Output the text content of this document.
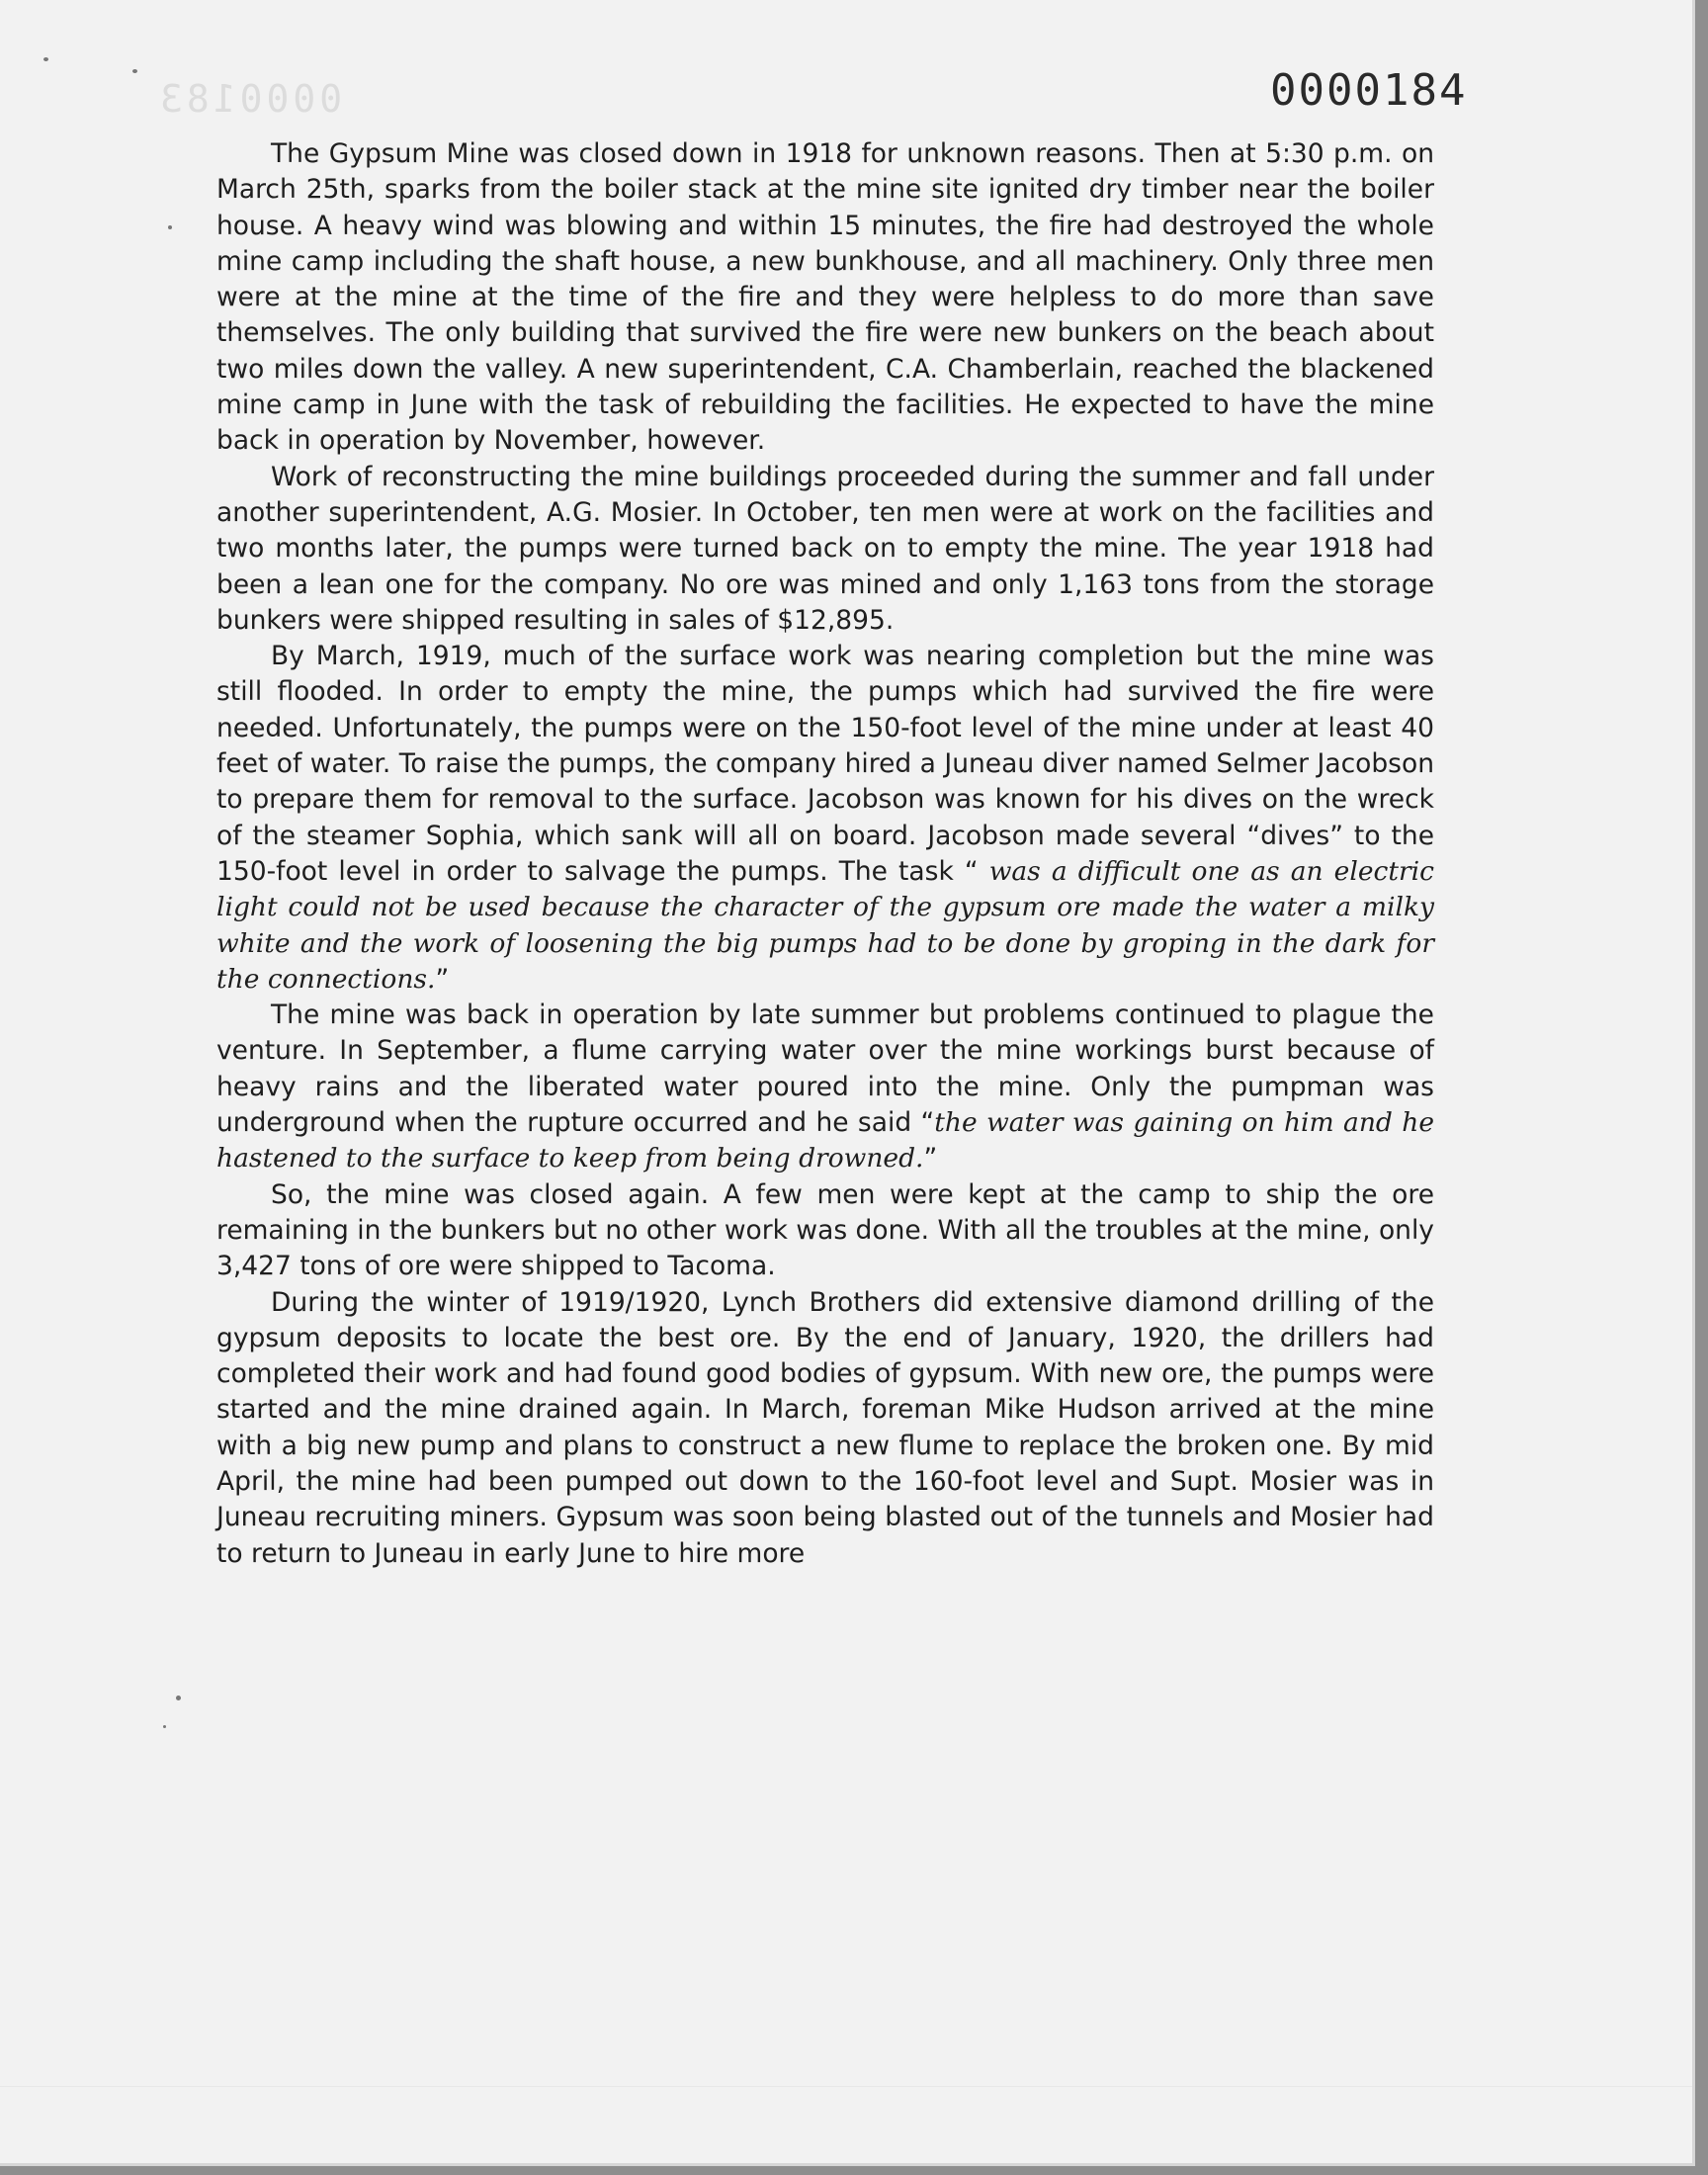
0000183	0000184

The Gypsum Mine was closed down in 1918 for unknown reasons. Then at 5:30 p.m. on March 25th, sparks from the boiler stack at the mine site ignited dry timber near the boiler house. A heavy wind was blowing and within 15 minutes, the fire had destroyed the whole mine camp including the shaft house, a new bunkhouse, and all machinery. Only three men were at the mine at the time of the fire and they were helpless to do more than save themselves. The only building that survived the fire were new bunkers on the beach about two miles down the valley. A new superintendent, C.A. Chamberlain, reached the blackened mine camp in June with the task of rebuilding the facilities. He expected to have the mine back in operation by November, however.

Work of reconstructing the mine buildings proceeded during the summer and fall under another superintendent, A.G. Mosier. In October, ten men were at work on the facilities and two months later, the pumps were turned back on to empty the mine. The year 1918 had been a lean one for the company. No ore was mined and only 1,163 tons from the storage bunkers were shipped resulting in sales of $12,895.

By March, 1919, much of the surface work was nearing completion but the mine was still flooded. In order to empty the mine, the pumps which had survived the fire were needed. Unfortunately, the pumps were on the 150-foot level of the mine under at least 40 feet of water. To raise the pumps, the company hired a Juneau diver named Selmer Jacobson to prepare them for removal to the surface. Jacobson was known for his dives on the wreck of the steamer Sophia, which sank will all on board. Jacobson made several “dives” to the 150-foot level in order to salvage the pumps. The task “ was a difficult one as an electric light could not be used because the character of the gypsum ore made the water a milky white and the work of loosening the big pumps had to be done by groping in the dark for the connections.”

The mine was back in operation by late summer but problems continued to plague the venture. In September, a flume carrying water over the mine workings burst because of heavy rains and the liberated water poured into the mine. Only the pumpman was underground when the rupture occurred and he said “the water was gaining on him and he hastened to the surface to keep from being drowned.”

So, the mine was closed again. A few men were kept at the camp to ship the ore remaining in the bunkers but no other work was done. With all the troubles at the mine, only 3,427 tons of ore were shipped to Tacoma.

During the winter of 1919/1920, Lynch Brothers did extensive diamond drilling of the gypsum deposits to locate the best ore. By the end of January, 1920, the drillers had completed their work and had found good bodies of gypsum. With new ore, the pumps were started and the mine drained again. In March, foreman Mike Hudson arrived at the mine with a big new pump and plans to construct a new flume to replace the broken one. By mid April, the mine had been pumped out down to the 160-foot level and Supt. Mosier was in Juneau recruiting miners. Gypsum was soon being blasted out of the tunnels and Mosier had to return to Juneau in early June to hire more
